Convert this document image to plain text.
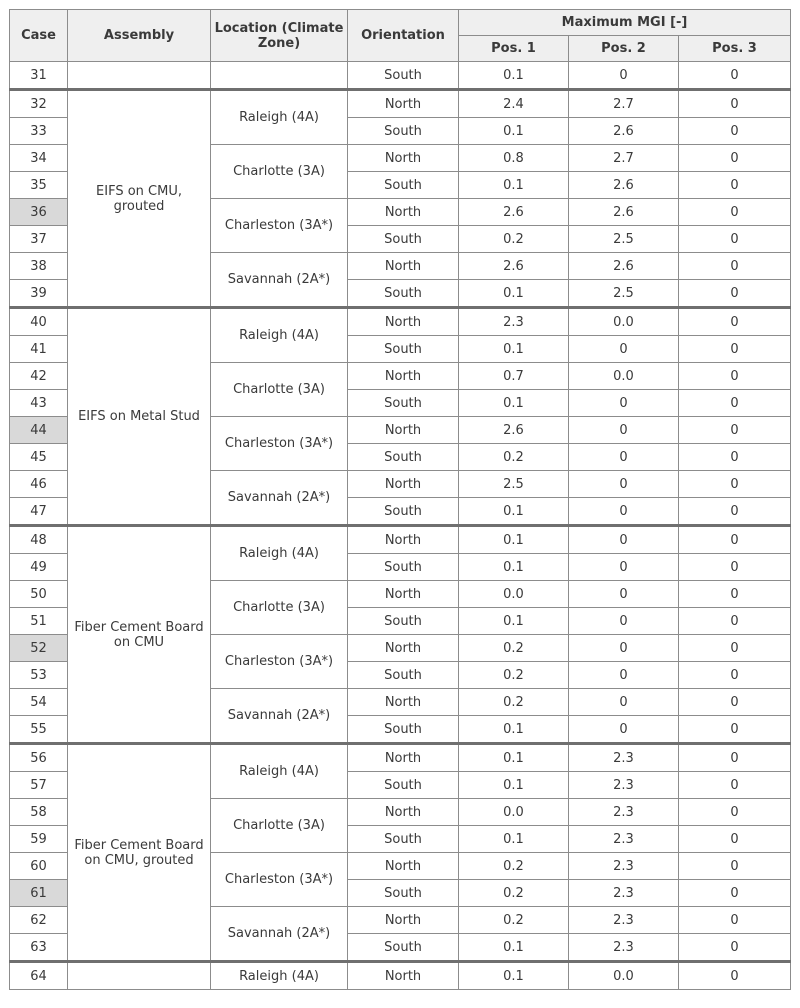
Case	Assembly	Location (Climate Zone)	Orientation	Maximum MGI [-]		
				Pos. 1	Pos. 2	Pos. 3
31			South	0.1	0	0
32	EIFS on CMU, grouted	Raleigh (4A)	North	2.4	2.7	0
33			South	0.1	2.6	0
34		Charlotte (3A)	North	0.8	2.7	0
35			South	0.1	2.6	0
36		Charleston (3A*)	North	2.6	2.6	0
37			South	0.2	2.5	0
38		Savannah (2A*)	North	2.6	2.6	0
39			South	0.1	2.5	0
40	EIFS on Metal Stud	Raleigh (4A)	North	2.3	0.0	0
41			South	0.1	0	0
42		Charlotte (3A)	North	0.7	0.0	0
43			South	0.1	0	0
44		Charleston (3A*)	North	2.6	0	0
45			South	0.2	0	0
46		Savannah (2A*)	North	2.5	0	0
47			South	0.1	0	0
48	Fiber Cement Board on CMU	Raleigh (4A)	North	0.1	0	0
49			South	0.1	0	0
50		Charlotte (3A)	North	0.0	0	0
51			South	0.1	0	0
52		Charleston (3A*)	North	0.2	0	0
53			South	0.2	0	0
54		Savannah (2A*)	North	0.2	0	0
55			South	0.1	0	0
56	Fiber Cement Board on CMU, grouted	Raleigh (4A)	North	0.1	2.3	0
57			South	0.1	2.3	0
58		Charlotte (3A)	North	0.0	2.3	0
59			South	0.1	2.3	0
60		Charleston (3A*)	North	0.2	2.3	0
61			South	0.2	2.3	0
62		Savannah (2A*)	North	0.2	2.3	0
63			South	0.1	2.3	0
64		Raleigh (4A)	North	0.1	0.0	0
